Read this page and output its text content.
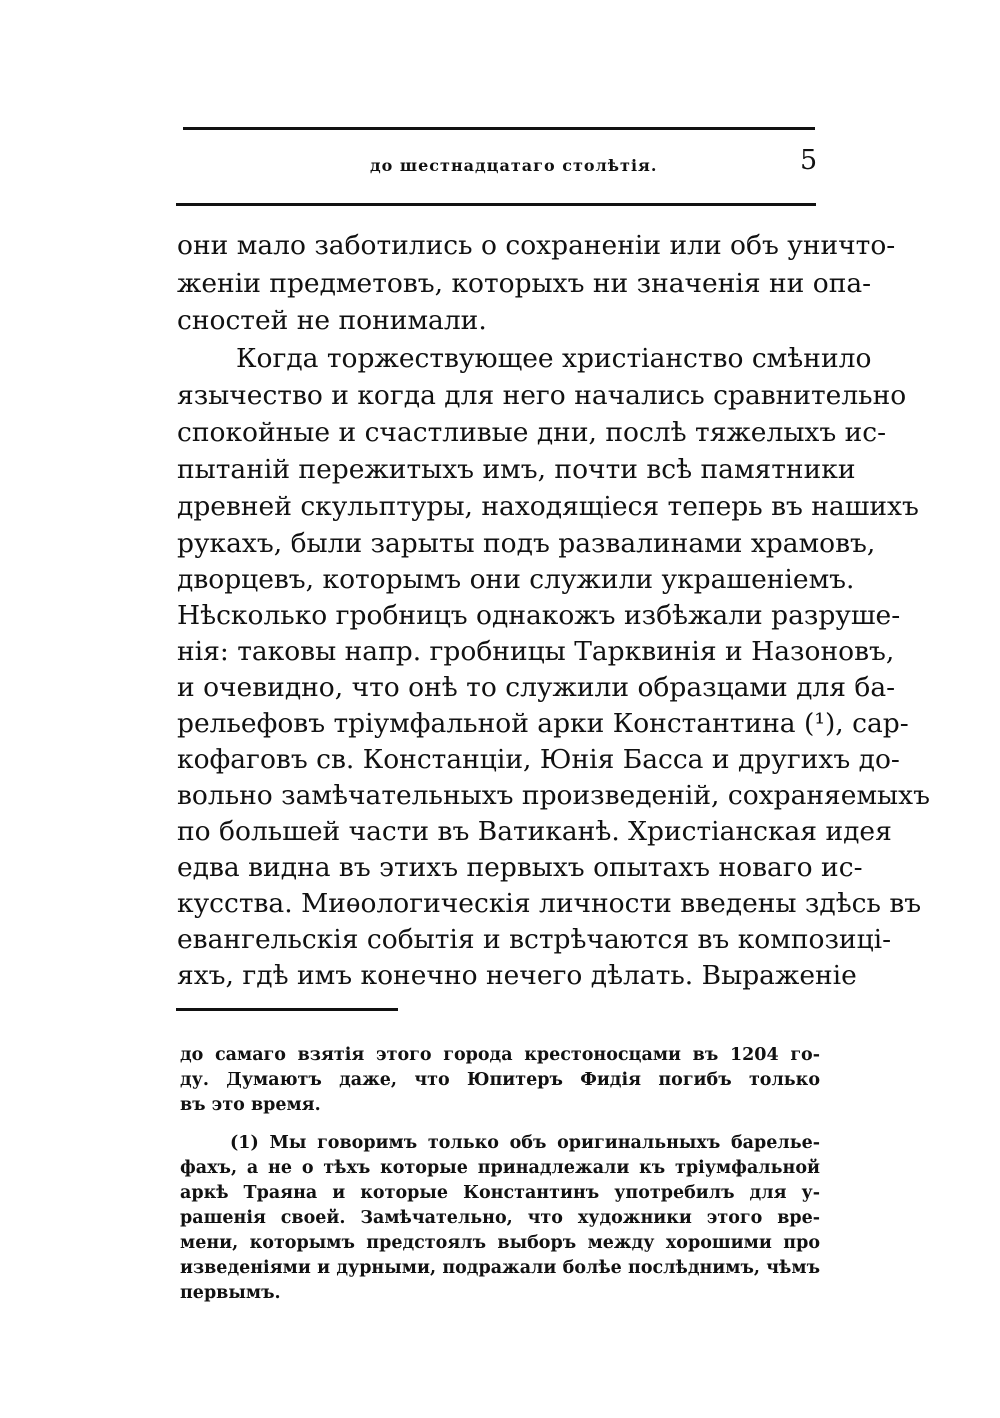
до шестнадцатаго столѣтія.	5
они мало заботились о сохраненіи или объ уничто-
женіи предметовъ, которыхъ ни значенія ни опа-
сностей не понимали.
Когда торжествующее христіанство смѣнило
язычество и когда для него начались сравнительно
спокойные и счастливые дни, послѣ тяжелыхъ ис-
пытаній пережитыхъ имъ, почти всѣ памятники
древней скульптуры, находящіеся теперь въ нашихъ
рукахъ, были зарыты подъ развалинами храмовъ,
дворцевъ, которымъ они служили украшеніемъ.
Нѣсколько гробницъ однакожъ избѣжали разруше-
нія: таковы напр. гробницы Тарквинія и Назоновъ,
и очевидно, что онѣ то служили образцами для ба-
рельефовъ тріумфальной арки Константина (¹), сар-
кофаговъ св. Констанціи, Юнія Басса и другихъ до-
вольно замѣчательныхъ произведеній, сохраняемыхъ
по большей части въ Ватиканѣ. Христіанская идея
едва видна въ этихъ первыхъ опытахъ новаго ис-
кусства. Миѳологическія личности введены здѣсь въ
евангельскія событія и встрѣчаются въ композиці-
яхъ, гдѣ имъ конечно нечего дѣлать. Выраженіе
до самаго взятія этого города крестоносцами въ 1204 го-
ду. Думаютъ даже, что Юпитеръ Фидія погибъ только
въ это время.
(1) Мы говоримъ только объ оригинальныхъ барелье-
фахъ, а не о тѣхъ которые принадлежали къ тріумфальной
аркѣ Траяна и которые Константинъ употребилъ для у-
рашенія своей. Замѣчательно, что художники этого вре-
мени, которымъ предстоялъ выборъ между хорошими про
изведеніями и дурными, подражали болѣе послѣднимъ, чѣмъ
первымъ.
